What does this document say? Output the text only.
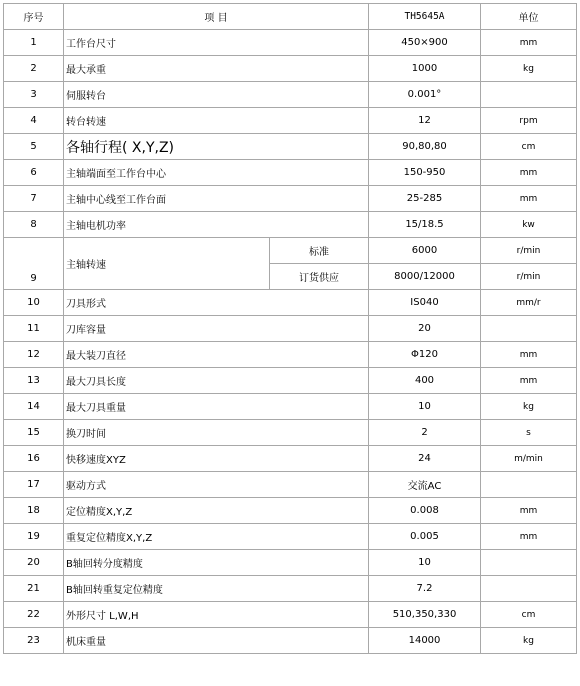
序号	项 目		TH5645A	单位
1	工作台尺寸		450×900	mm
2	最大承重		1000	kg
3	伺服转台		0.001°	
4	转台转速		12	rpm
5	各轴行程( X,Y,Z)		90,80,80	cm
6	主轴端面至工作台中心		150-950	mm
7	主轴中心线至工作台面		25-285	mm
8	主轴电机功率		15/18.5	kw
9	主轴转速	标准	6000	r/min
		订货供应	8000/12000	r/min
10	刀具形式		IS040	mm/r
11	刀库容量		20	
12	最大装刀直径		Φ120	mm
13	最大刀具长度		400	mm
14	最大刀具重量		10	kg
15	换刀时间		2	s
16	快移速度XYZ		24	m/min
17	驱动方式		交流AC	
18	定位精度X,Y,Z		0.008	mm
19	重复定位精度X,Y,Z		0.005	mm
20	B轴回转分度精度		10	
21	B轴回转重复定位精度		7.2	
22	外形尺寸 L,W,H		510,350,330	cm
23	机床重量		14000	kg
